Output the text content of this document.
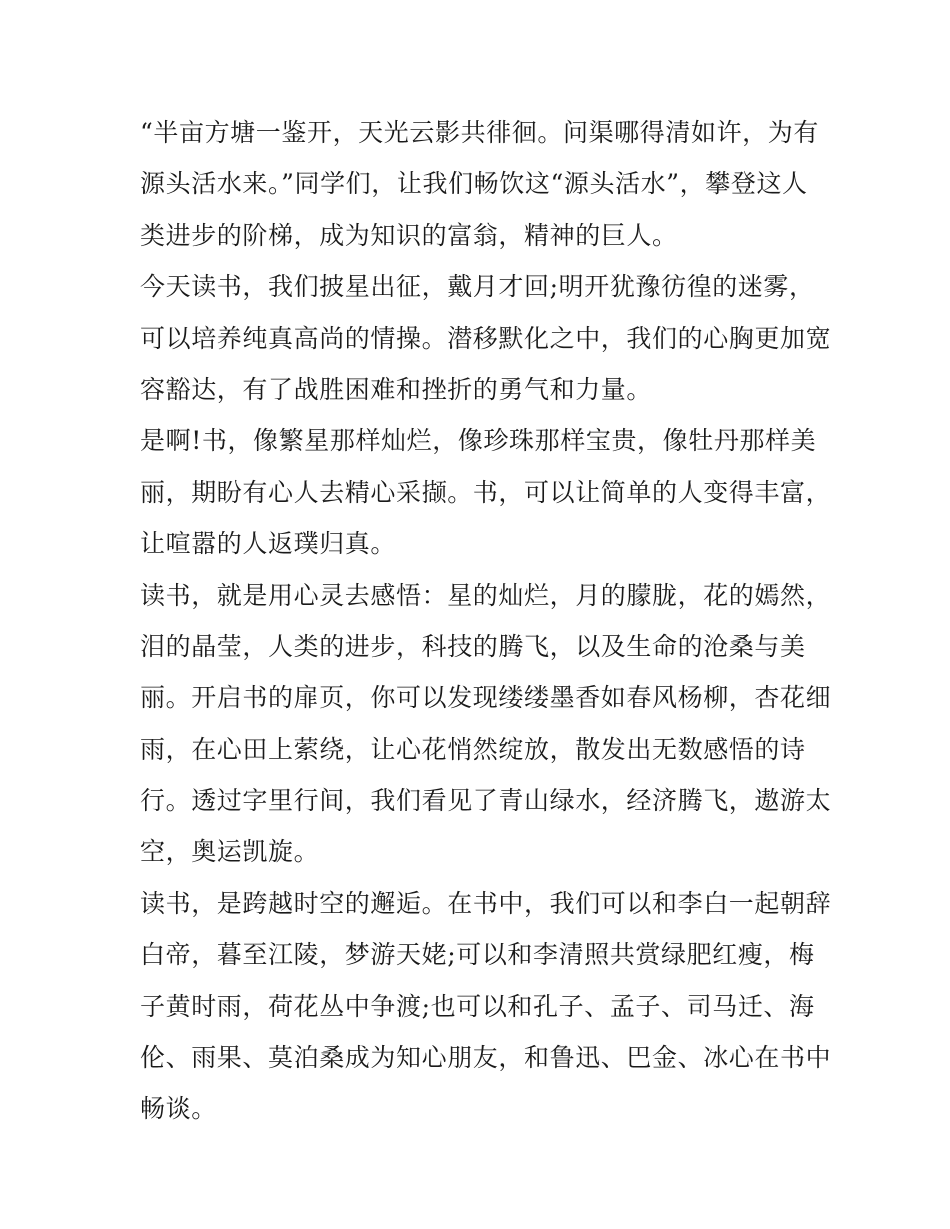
“半亩方塘一鉴开，天光云影共徘徊。问渠哪得清如许，为有
源头活水来。”同学们，让我们畅饮这“源头活水”，攀登这人
类进步的阶梯，成为知识的富翁，精神的巨人。
今天读书，我们披星出征，戴月才回;明开犹豫彷徨的迷雾，
可以培养纯真高尚的情操。潜移默化之中，我们的心胸更加宽
容豁达，有了战胜困难和挫折的勇气和力量。
是啊!书，像繁星那样灿烂，像珍珠那样宝贵，像牡丹那样美
丽，期盼有心人去精心采撷。书，可以让简单的人变得丰富，
让喧嚣的人返璞归真。
读书，就是用心灵去感悟：星的灿烂，月的朦胧，花的嫣然，
泪的晶莹，人类的进步，科技的腾飞，以及生命的沧桑与美
丽。开启书的扉页，你可以发现缕缕墨香如春风杨柳，杏花细
雨，在心田上萦绕，让心花悄然绽放，散发出无数感悟的诗
行。透过字里行间，我们看见了青山绿水，经济腾飞，遨游太
空，奥运凯旋。
读书，是跨越时空的邂逅。在书中，我们可以和李白一起朝辞
白帝，暮至江陵，梦游天姥;可以和李清照共赏绿肥红瘦，梅
子黄时雨，荷花丛中争渡;也可以和孔子、孟子、司马迁、海
伦、雨果、莫泊桑成为知心朋友，和鲁迅、巴金、冰心在书中
畅谈。
